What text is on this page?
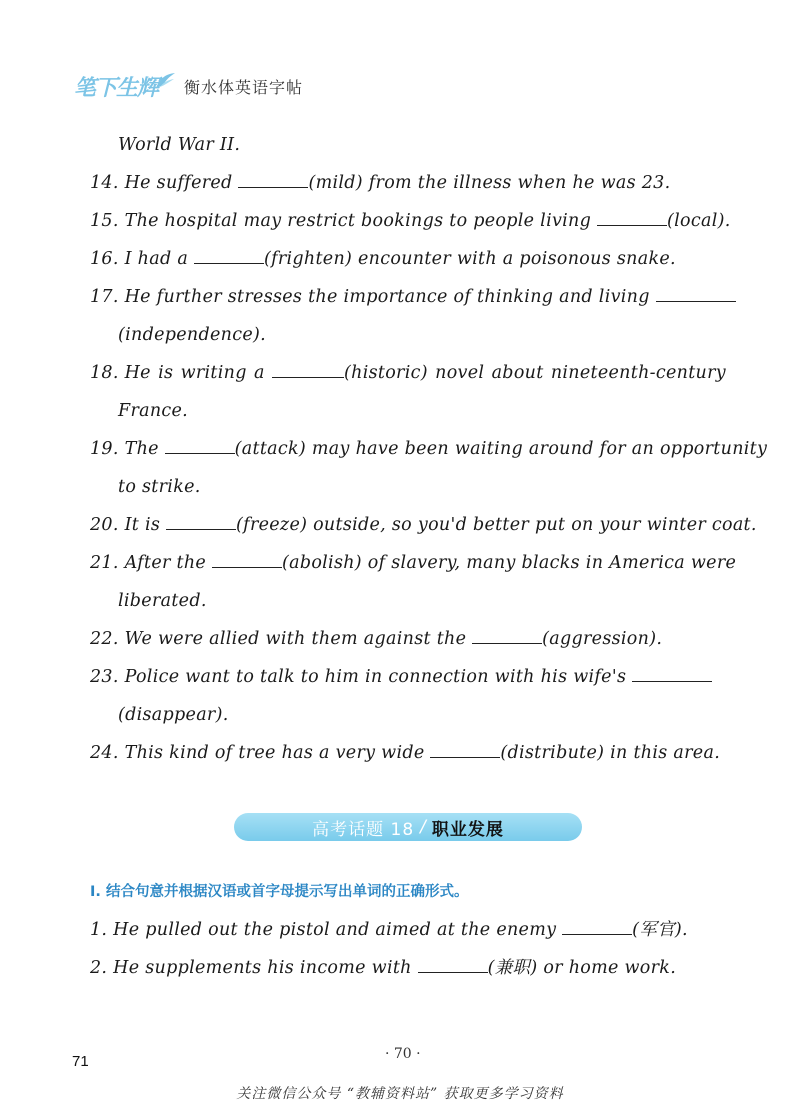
笔下生辉 衡水体英语字帖
World War II.
14. He suffered	(mild) from the illness when he was 23.
15. The hospital may restrict bookings to people living	(local).
16. I had a	(frighten) encounter with a poisonous snake.
17. He further stresses the importance of thinking and living
(independence).
18. He is writing a	(historic) novel about nineteenth-century
France.
19. The	(attack) may have been waiting around for an opportunity
to strike.
20. It is	(freeze) outside, so you'd better put on your winter coat.
21. After the	(abolish) of slavery, many blacks in America were
liberated.
22. We were allied with them against the	(aggression).
23. Police want to talk to him in connection with his wife's
(disappear).
24. This kind of tree has a very wide	(distribute) in this area.
高考话题 18 / 职业发展
I. 结合句意并根据汉语或首字母提示写出单词的正确形式。
1. He pulled out the pistol and aimed at the enemy	(军官).
2. He supplements his income with	(兼职) or home work.
71	· 70 ·
关注微信公众号 “教辅资料站” 获取更多学习资料
